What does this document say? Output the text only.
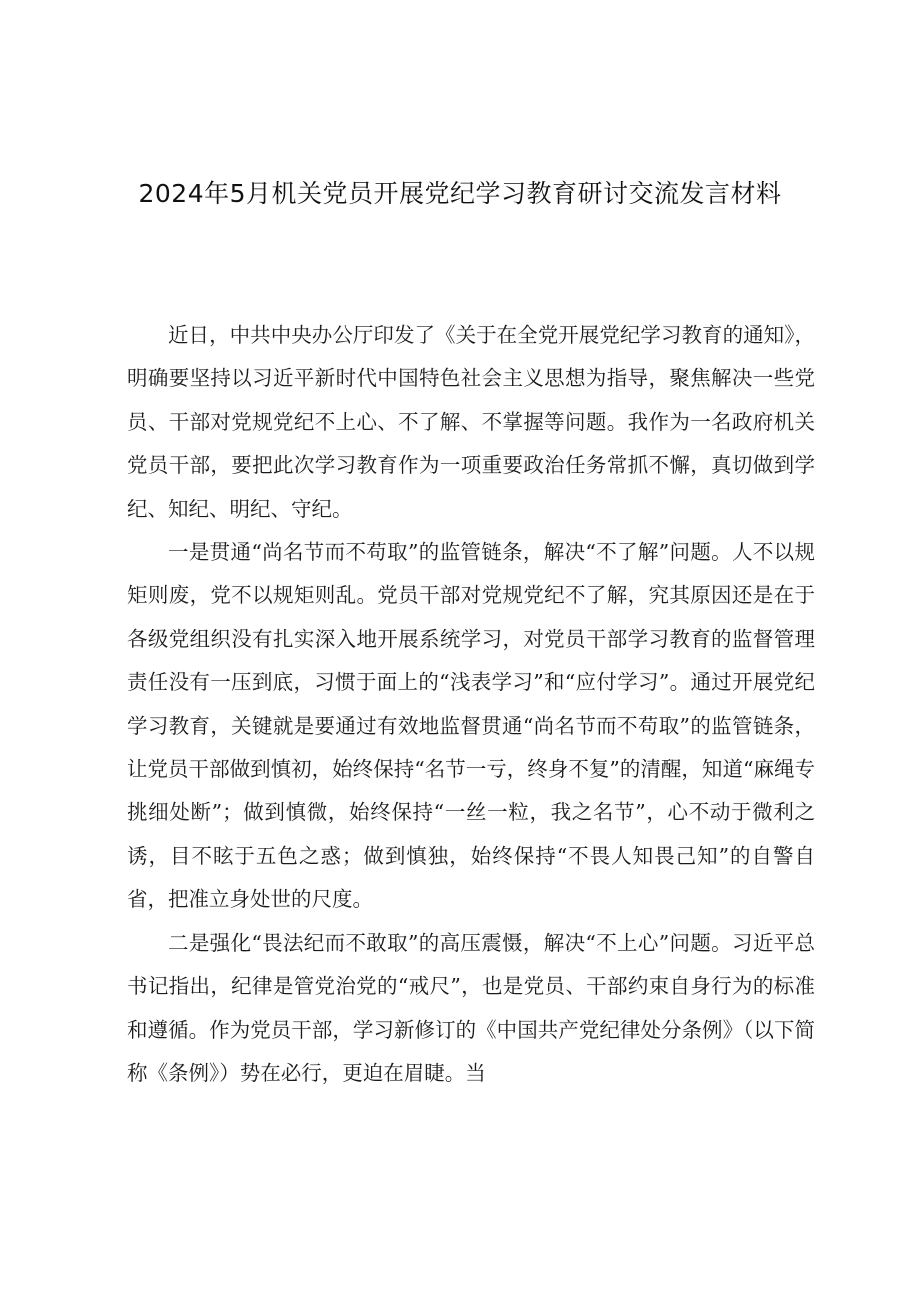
2024年5月机关党员开展党纪学习教育研讨交流发言材料

近日，中共中央办公厅印发了《关于在全党开展党纪学习教育的通知》，明确要坚持以习近平新时代中国特色社会主义思想为指导，聚焦解决一些党员、干部对党规党纪不上心、不了解、不掌握等问题。我作为一名政府机关党员干部，要把此次学习教育作为一项重要政治任务常抓不懈，真切做到学纪、知纪、明纪、守纪。

一是贯通“尚名节而不苟取”的监管链条，解决“不了解”问题。人不以规矩则废，党不以规矩则乱。党员干部对党规党纪不了解，究其原因还是在于各级党组织没有扎实深入地开展系统学习，对党员干部学习教育的监督管理责任没有一压到底，习惯于面上的“浅表学习”和“应付学习”。通过开展党纪学习教育，关键就是要通过有效地监督贯通“尚名节而不苟取”的监管链条，让党员干部做到慎初，始终保持“名节一亏，终身不复”的清醒，知道“麻绳专挑细处断”；做到慎微，始终保持“一丝一粒，我之名节”，心不动于微利之诱，目不眩于五色之惑；做到慎独，始终保持“不畏人知畏己知”的自警自省，把准立身处世的尺度。

二是强化“畏法纪而不敢取”的高压震慑，解决“不上心”问题。习近平总书记指出，纪律是管党治党的“戒尺”，也是党员、干部约束自身行为的标准和遵循。作为党员干部，学习新修订的《中国共产党纪律处分条例》（以下简称《条例》）势在必行，更迫在眉睫。当
